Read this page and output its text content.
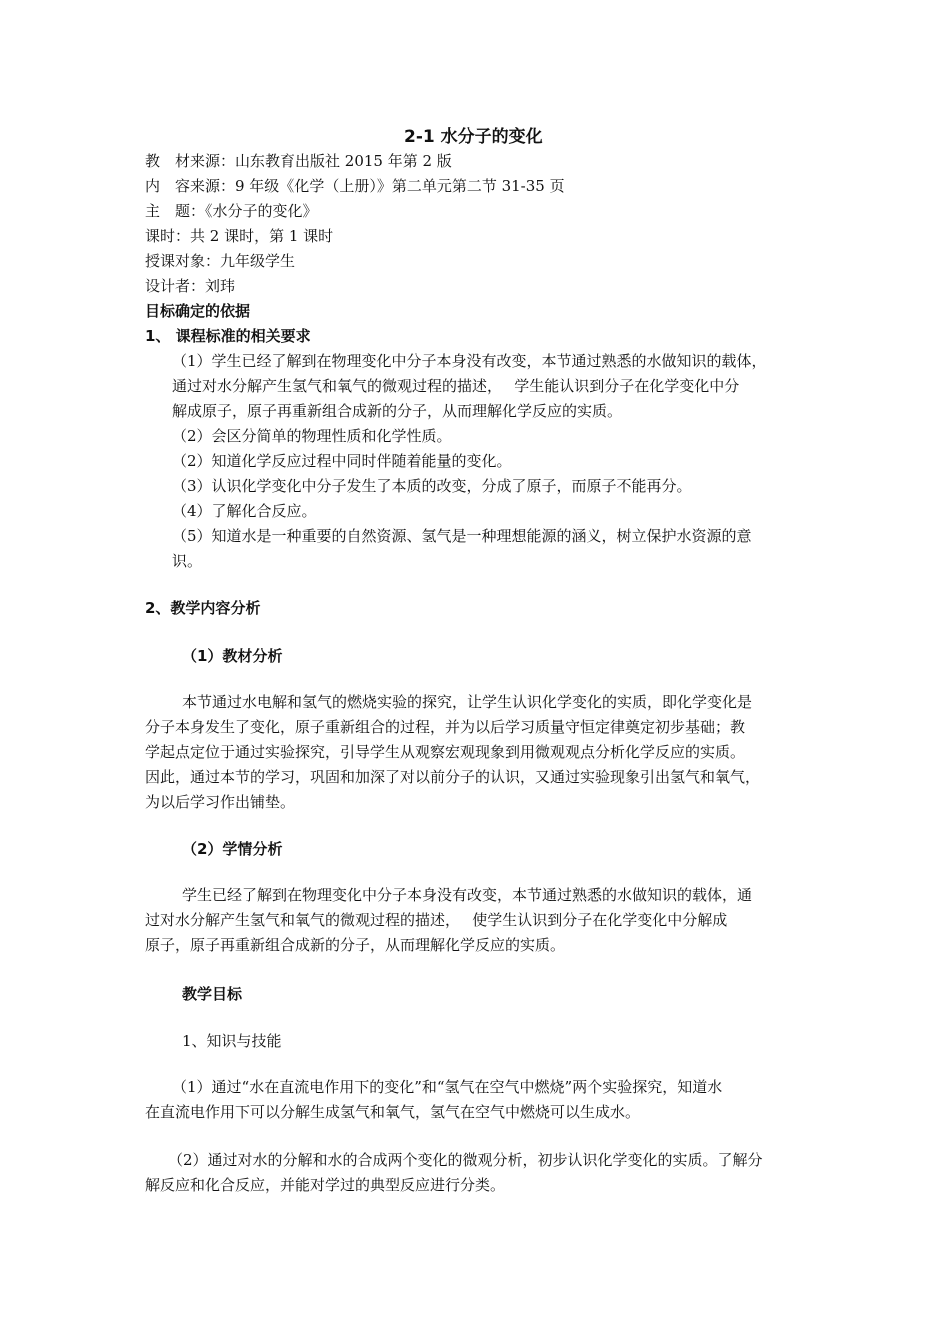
2-1 水分子的变化
教　材来源：山东教育出版社 2015 年第 2 版
内　容来源：9 年级《化学（上册）》第二单元第二节 31-35 页
主　题：《水分子的变化》
课时：共 2 课时，第 1 课时
授课对象：九年级学生
设计者：刘玮
目标确定的依据
1、 课程标准的相关要求
（1）学生已经了解到在物理变化中分子本身没有改变，本节通过熟悉的水做知识的载体，
通过对水分解产生氢气和氧气的微观过程的描述，　 学生能认识到分子在化学变化中分
解成原子，原子再重新组合成新的分子，从而理解化学反应的实质。
（2）会区分简单的物理性质和化学性质。
（2）知道化学反应过程中同时伴随着能量的变化。
（3）认识化学变化中分子发生了本质的改变，分成了原子，而原子不能再分。
（4）了解化合反应。
（5）知道水是一种重要的自然资源、氢气是一种理想能源的涵义，树立保护水资源的意
识。
2、教学内容分析
（1）教材分析
本节通过水电解和氢气的燃烧实验的探究，让学生认识化学变化的实质，即化学变化是
分子本身发生了变化，原子重新组合的过程，并为以后学习质量守恒定律奠定初步基础；教
学起点定位于通过实验探究，引导学生从观察宏观现象到用微观观点分析化学反应的实质。
因此，通过本节的学习，巩固和加深了对以前分子的认识，又通过实验现象引出氢气和氧气，
为以后学习作出铺垫。
（2）学情分析
学生已经了解到在物理变化中分子本身没有改变，本节通过熟悉的水做知识的载体，通
过对水分解产生氢气和氧气的微观过程的描述，　 使学生认识到分子在化学变化中分解成
原子，原子再重新组合成新的分子，从而理解化学反应的实质。
教学目标
1、知识与技能
（1）通过“水在直流电作用下的变化”和“氢气在空气中燃烧”两个实验探究，知道水
在直流电作用下可以分解生成氢气和氧气，氢气在空气中燃烧可以生成水。
（2）通过对水的分解和水的合成两个变化的微观分析，初步认识化学变化的实质。了解分
解反应和化合反应，并能对学过的典型反应进行分类。
